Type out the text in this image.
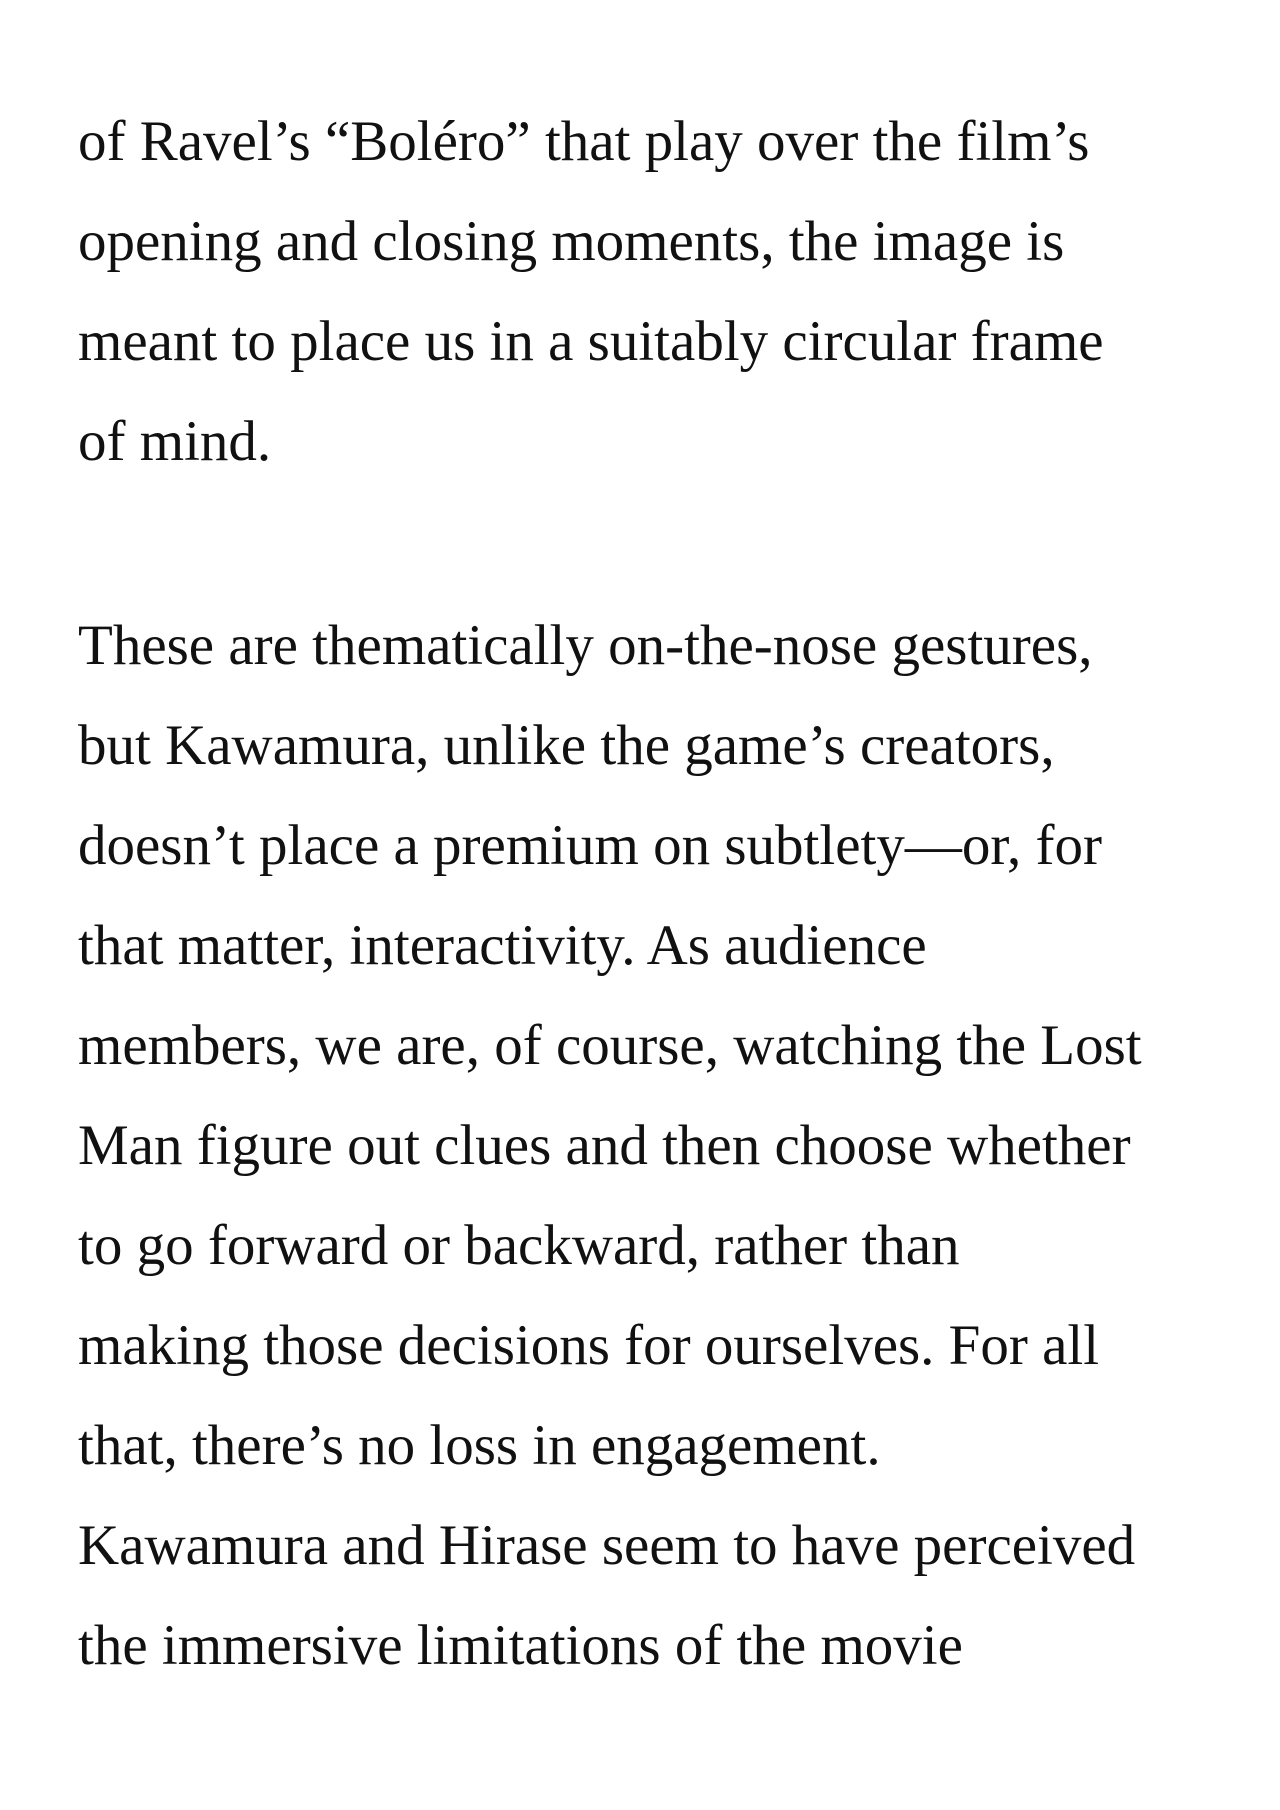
of Ravel’s “Boléro” that play over the film’s
opening and closing moments, the image is
meant to place us in a suitably circular frame
of mind.
These are thematically on-the-nose gestures,
but Kawamura, unlike the game’s creators,
doesn’t place a premium on subtlety—or, for
that matter, interactivity. As audience
members, we are, of course, watching the Lost
Man figure out clues and then choose whether
to go forward or backward, rather than
making those decisions for ourselves. For all
that, there’s no loss in engagement.
Kawamura and Hirase seem to have perceived
the immersive limitations of the movie
